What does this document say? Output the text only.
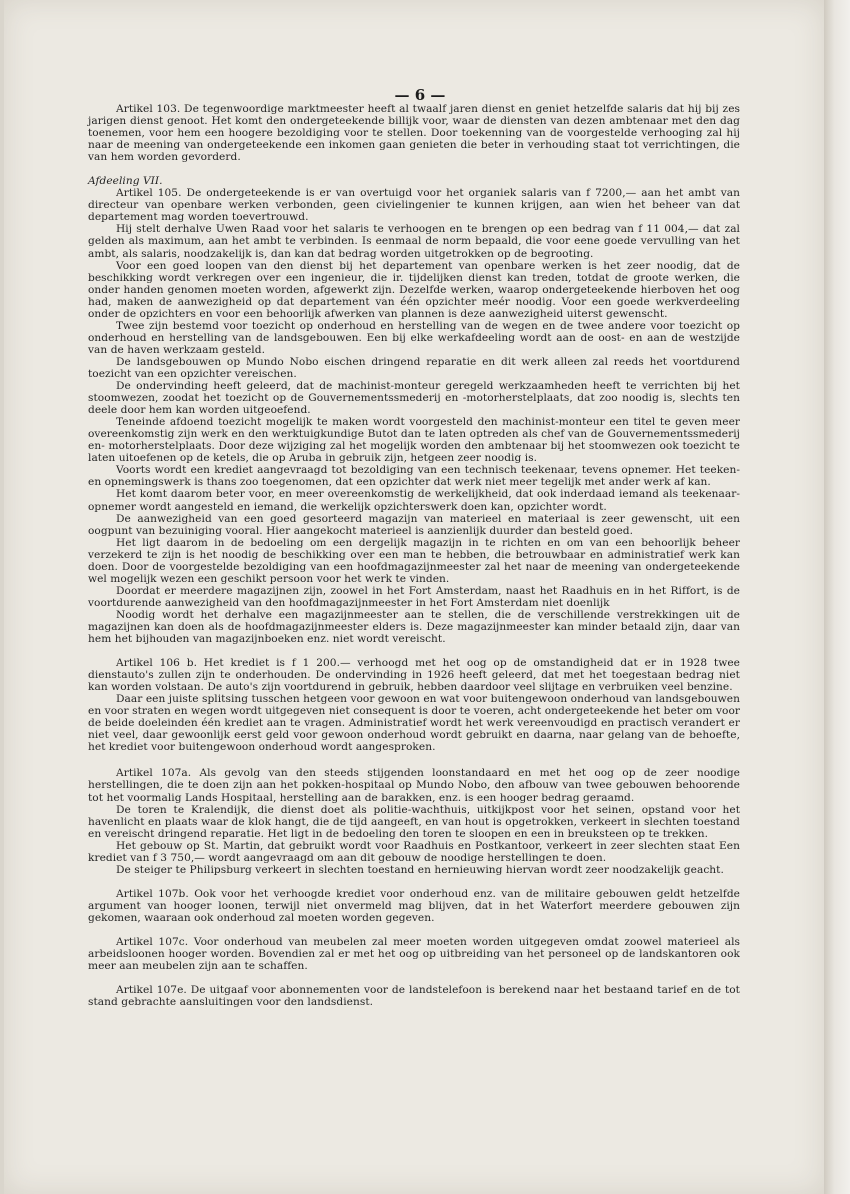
— 6 —

Artikel 103. De tegenwoordige marktmeester heeft al twaalf jaren dienst en geniet hetzelfde salaris dat hij bij zes jarigen dienst genoot. Het komt den ondergeteekende billijk voor, waar de diensten van dezen ambtenaar met den dag toenemen, voor hem een hoogere bezoldiging voor te stellen. Door toekenning van de voorgestelde verhooging zal hij naar de meening van ondergeteekende een inkomen gaan genieten die beter in verhouding staat tot verrichtingen, die van hem worden gevorderd.

Afdeeling VII.

Artikel 105. De ondergeteekende is er van overtuigd voor het organiek salaris van f 7200,— aan het ambt van directeur van openbare werken verbonden, geen civielingenier te kunnen krijgen, aan wien het beheer van dat departement mag worden toevertrouwd.

Hij stelt derhalve Uwen Raad voor het salaris te verhoogen en te brengen op een bedrag van f 11 004,— dat zal gelden als maximum, aan het ambt te verbinden. Is eenmaal de norm bepaald, die voor eene goede vervulling van het ambt, als salaris, noodzakelijk is, dan kan dat bedrag worden uitgetrokken op de begrooting.

Voor een goed loopen van den dienst bij het departement van openbare werken is het zeer noodig, dat de beschikking wordt verkregen over een ingenieur, die ir. tijdelijken dienst kan treden, totdat de groote werken, die onder handen genomen moeten worden, afgewerkt zijn. Dezelfde werken, waarop ondergeteekende hierboven het oog had, maken de aanwezigheid op dat departement van één opzichter meér noodig. Voor een goede werkverdeeling onder de opzichters en voor een behoorlijk afwerken van plannen is deze aanwezigheid uiterst gewenscht.

Twee zijn bestemd voor toezicht op onderhoud en herstelling van de wegen en de twee andere voor toezicht op onderhoud en herstelling van de landsgebouwen. Een bij elke werkafdeeling wordt aan de oost- en aan de westzijde van de haven werkzaam gesteld.

De landsgebouwen op Mundo Nobo eischen dringend reparatie en dit werk alleen zal reeds het voortdurend toezicht van een opzichter vereischen.

De ondervinding heeft geleerd, dat de machinist-monteur geregeld werkzaamheden heeft te verrichten bij het stoomwezen, zoodat het toezicht op de Gouvernementssmederij en -motorherstelplaats, dat zoo noodig is, slechts ten deele door hem kan worden uitgeoefend.

Teneinde afdoend toezicht mogelijk te maken wordt voorgesteld den machinist-monteur een titel te geven meer overeenkomstig zijn werk en den werktuigkundige Butot dan te laten optreden als chef van de Gouvernementssmederij en- motorherstelplaats. Door deze wijziging zal het mogelijk worden den ambtenaar bij het stoomwezen ook toezicht te laten uitoefenen op de ketels, die op Aruba in gebruik zijn, hetgeen zeer noodig is.

Voorts wordt een krediet aangevraagd tot bezoldiging van een technisch teekenaar, tevens opnemer. Het teeken- en opnemingswerk is thans zoo toegenomen, dat een opzichter dat werk niet meer tegelijk met ander werk af kan.

Het komt daarom beter voor, en meer overeenkomstig de werkelijkheid, dat ook inderdaad iemand als teekenaar-opnemer wordt aangesteld en iemand, die werkelijk opzichterswerk doen kan, opzichter wordt.

De aanwezigheid van een goed gesorteerd magazijn van materieel en materiaal is zeer gewenscht, uit een oogpunt van bezuiniging vooral. Hier aangekocht materieel is aanzienlijk duurder dan besteld goed.

Het ligt daarom in de bedoeling om een dergelijk magazijn in te richten en om van een behoorlijk beheer verzekerd te zijn is het noodig de beschikking over een man te hebben, die betrouwbaar en administratief werk kan doen. Door de voorgestelde bezoldiging van een hoofdmagazijnmeester zal het naar de meening van ondergeteekende wel mogelijk wezen een geschikt persoon voor het werk te vinden.

Doordat er meerdere magazijnen zijn, zoowel in het Fort Amsterdam, naast het Raadhuis en in het Riffort, is de voortdurende aanwezigheid van den hoofdmagazijnmeester in het Fort Amsterdam niet doenlijk

Noodig wordt het derhalve een magazijnmeester aan te stellen, die de verschillende verstrekkingen uit de magazijnen kan doen als de hoofdmagazijnmeester elders is. Deze magazijnmeester kan minder betaald zijn, daar van hem het bijhouden van magazijnboeken enz. niet wordt vereischt.

Artikel 106 b. Het krediet is f 1 200.— verhoogd met het oog op de omstandigheid dat er in 1928 twee dienstauto's zullen zijn te onderhouden. De ondervinding in 1926 heeft geleerd, dat met het toegestaan bedrag niet kan worden volstaan. De auto's zijn voortdurend in gebruik, hebben daardoor veel slijtage en verbruiken veel benzine.

Daar een juiste splitsing tusschen hetgeen voor gewoon en wat voor buitengewoon onderhoud van landsgebouwen en voor straten en wegen wordt uitgegeven niet consequent is door te voeren, acht ondergeteekende het beter om voor de beide doeleinden één krediet aan te vragen. Administratief wordt het werk vereenvoudigd en practisch verandert er niet veel, daar gewoonlijk eerst geld voor gewoon onderhoud wordt gebruikt en daarna, naar gelang van de behoefte, het krediet voor buitengewoon onderhoud wordt aangesproken.

Artikel 107a. Als gevolg van den steeds stijgenden loonstandaard en met het oog op de zeer noodige herstellingen, die te doen zijn aan het pokken-hospitaal op Mundo Nobo, den afbouw van twee gebouwen behoorende tot het voormalig Lands Hospitaal, herstelling aan de barakken, enz. is een hooger bedrag geraamd.

De toren te Kralendijk, die dienst doet als politie-wachthuis, uitkijkpost voor het seinen, opstand voor het havenlicht en plaats waar de klok hangt, die de tijd aangeeft, en van hout is opgetrokken, verkeert in slechten toestand en vereischt dringend reparatie. Het ligt in de bedoeling den toren te sloopen en een in breuksteen op te trekken.

Het gebouw op St. Martin, dat gebruikt wordt voor Raadhuis en Postkantoor, verkeert in zeer slechten staat Een krediet van f 3 750,— wordt aangevraagd om aan dit gebouw de noodige herstellingen te doen.

De steiger te Philipsburg verkeert in slechten toestand en hernieuwing hiervan wordt zeer noodzakelijk geacht.

Artikel 107b. Ook voor het verhoogde krediet voor onderhoud enz. van de militaire gebouwen geldt hetzelfde argument van hooger loonen, terwijl niet onvermeld mag blijven, dat in het Waterfort meerdere gebouwen zijn gekomen, waaraan ook onderhoud zal moeten worden gegeven.

Artikel 107c. Voor onderhoud van meubelen zal meer moeten worden uitgegeven omdat zoowel materieel als arbeidsloonen hooger worden. Bovendien zal er met het oog op uitbreiding van het personeel op de landskantoren ook meer aan meubelen zijn aan te schaffen.

Artikel 107e. De uitgaaf voor abonnementen voor de landstelefoon is berekend naar het bestaand tarief en de tot stand gebrachte aansluitingen voor den landsdienst.
